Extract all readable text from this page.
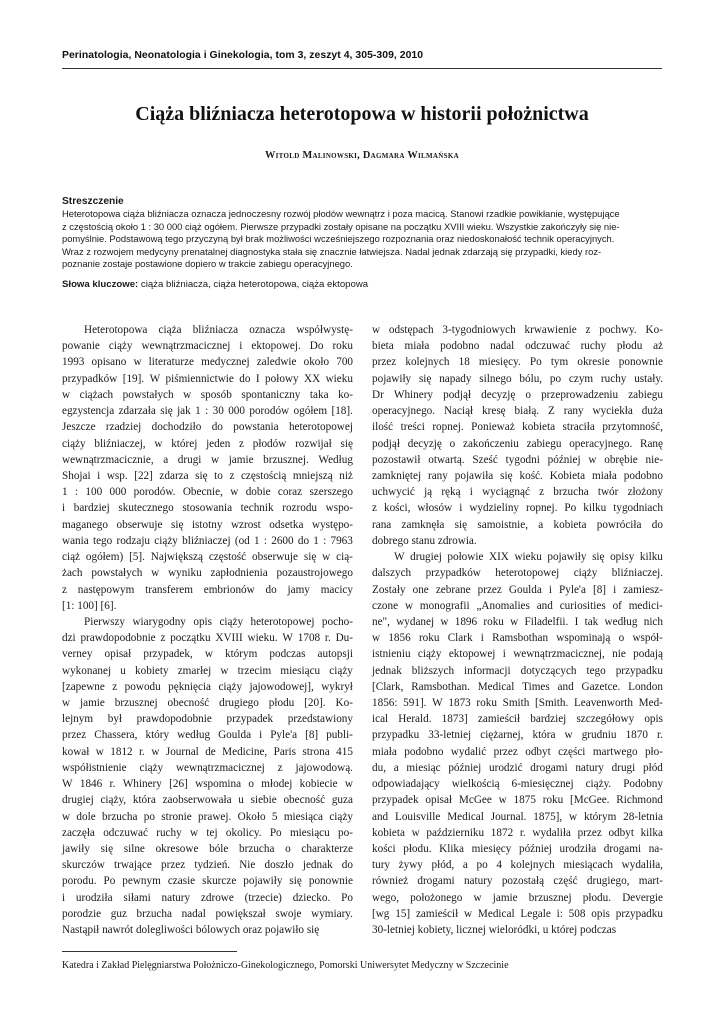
Perinatologia, Neonatologia i Ginekologia, tom 3, zeszyt 4, 305-309, 2010
Ciąża bliźniacza heterotopowa w historii położnictwa
Witold Malinowski, Dagmara Wilmańska
Streszczenie
Heterotopowa ciąża bliźniacza oznacza jednoczesny rozwój płodów wewnątrz i poza macicą. Stanowi rzadkie powikłanie, występujące
z częstością około 1 : 30 000 ciąż ogółem. Pierwsze przypadki zostały opisane na początku XVIII wieku. Wszystkie zakończyły się nie-
pomyślnie. Podstawową tego przyczyną był brak możliwości wcześniejszego rozpoznania oraz niedoskonałość technik operacyjnych.
Wraz z rozwojem medycyny prenatalnej diagnostyka stała się znacznie łatwiejsza. Nadal jednak zdarzają się przypadki, kiedy roz-
poznanie zostaje postawione dopiero w trakcie zabiegu operacyjnego.
Słowa kluczowe: ciąża bliźniacza, ciąża heterotopowa, ciąża ektopowa
Heterotopowa ciąża bliźniacza oznacza współwystę-
powanie ciąży wewnątrzmacicznej i ektopowej. Do roku
1993 opisano w literaturze medycznej zaledwie około 700
przypadków [19]. W piśmiennictwie do I połowy XX wieku
w ciążach powstałych w sposób spontaniczny taka ko-
egzystencja zdarzała się jak 1 : 30 000 porodów ogółem [18].
Jeszcze rzadziej dochodziło do powstania heterotopowej
ciąży bliźniaczej, w której jeden z płodów rozwijał się
wewnątrzmacicznie, a drugi w jamie brzusznej. Według
Shojai i wsp. [22] zdarza się to z częstością mniejszą niż
1 : 100 000 porodów. Obecnie, w dobie coraz szerszego
i bardziej skutecznego stosowania technik rozrodu wspo-
maganego obserwuje się istotny wzrost odsetka występo-
wania tego rodzaju ciąży bliźniaczej (od 1 : 2600 do 1 : 7963
ciąż ogółem) [5]. Największą częstość obserwuje się w cią-
żach powstałych w wyniku zapłodnienia pozaustrojowego
z następowym transferem embrionów do jamy macicy
[1: 100] [6].
Pierwszy wiarygodny opis ciąży heterotopowej pocho-
dzi prawdopodobnie z początku XVIII wieku. W 1708 r. Du-
verney opisał przypadek, w którym podczas autopsji
wykonanej u kobiety zmarłej w trzecim miesiącu ciąży
[zapewne z powodu pęknięcia ciąży jajowodowej], wykrył
w jamie brzusznej obecność drugiego płodu [20]. Ko-
lejnym był prawdopodobnie przypadek przedstawiony
przez Chassera, który według Goulda i Pyle'a [8] publi-
kował w 1812 r. w Journal de Medicine, Paris strona 415
współistnienie ciąży wewnątrzmacicznej z jajowodową.
W 1846 r. Whinery [26] wspomina o młodej kobiecie w
drugiej ciąży, która zaobserwowała u siebie obecność guza
w dole brzucha po stronie prawej. Około 5 miesiąca ciąży
zaczęła odczuwać ruchy w tej okolicy. Po miesiącu po-
jawiły się silne okresowe bóle brzucha o charakterze
skurczów trwające przez tydzień. Nie doszło jednak do
porodu. Po pewnym czasie skurcze pojawiły się ponownie
i urodziła siłami natury zdrowe (trzecie) dziecko. Po
porodzie guz brzucha nadal powiększał swoje wymiary.
Nastąpił nawrót dolegliwości bólowych oraz pojawiło się
w odstępach 3-tygodniowych krwawienie z pochwy. Ko-
bieta miała podobno nadal odczuwać ruchy płodu aż
przez kolejnych 18 miesięcy. Po tym okresie ponownie
pojawiły się napady silnego bólu, po czym ruchy ustały.
Dr Whinery podjął decyzję o przeprowadzeniu zabiegu
operacyjnego. Naciął kresę białą. Z rany wyciekła duża
ilość treści ropnej. Ponieważ kobieta straciła przytomność,
podjął decyzję o zakończeniu zabiegu operacyjnego. Ranę
pozostawił otwartą. Sześć tygodni później w obrębie nie-
zamkniętej rany pojawiła się kość. Kobieta miała podobno
uchwycić ją ręką i wyciągnąć z brzucha twór złożony
z kości, włosów i wydzieliny ropnej. Po kilku tygodniach
rana zamknęła się samoistnie, a kobieta powróciła do
dobrego stanu zdrowia.
W drugiej połowie XIX wieku pojawiły się opisy kilku
dalszych przypadków heterotopowej ciąży bliźniaczej.
Zostały one zebrane przez Goulda i Pyle'a [8] i zamiesz-
czone w monografii „Anomalies and curiosities of medici-
ne", wydanej w 1896 roku w Filadelfii. I tak według nich
w 1856 roku Clark i Ramsbothan wspominają o współ-
istnieniu ciąży ektopowej i wewnątrzmacicznej, nie podają
jednak bliższych informacji dotyczących tego przypadku
[Clark, Ramsbothan. Medical Times and Gazetce. London
1856: 591]. W 1873 roku Smith [Smith. Leavenworth Med-
ical Herald. 1873] zamieścił bardziej szczegółowy opis
przypadku 33-letniej ciężarnej, która w grudniu 1870 r.
miała podobno wydalić przez odbyt części martwego pło-
du, a miesiąc później urodzić drogami natury drugi płód
odpowiadający wielkością 6-miesięcznej ciąży. Podobny
przypadek opisał McGee w 1875 roku [McGee. Richmond
and Louisville Medical Journal. 1875], w którym 28-letnia
kobieta w październiku 1872 r. wydaliła przez odbyt kilka
kości płodu. Klika miesięcy później urodziła drogami na-
tury żywy płód, a po 4 kolejnych miesiącach wydaliła,
również drogami natury pozostałą część drugiego, mart-
wego, położonego w jamie brzusznej płodu. Devergie
[wg 15] zamieścił w Medical Legale i: 508 opis przypadku
30-letniej kobiety, licznej wieloródki, u której podczas
Katedra i Zakład Pielęgniarstwa Położniczo-Ginekologicznego, Pomorski Uniwersytet Medyczny w Szczecinie
